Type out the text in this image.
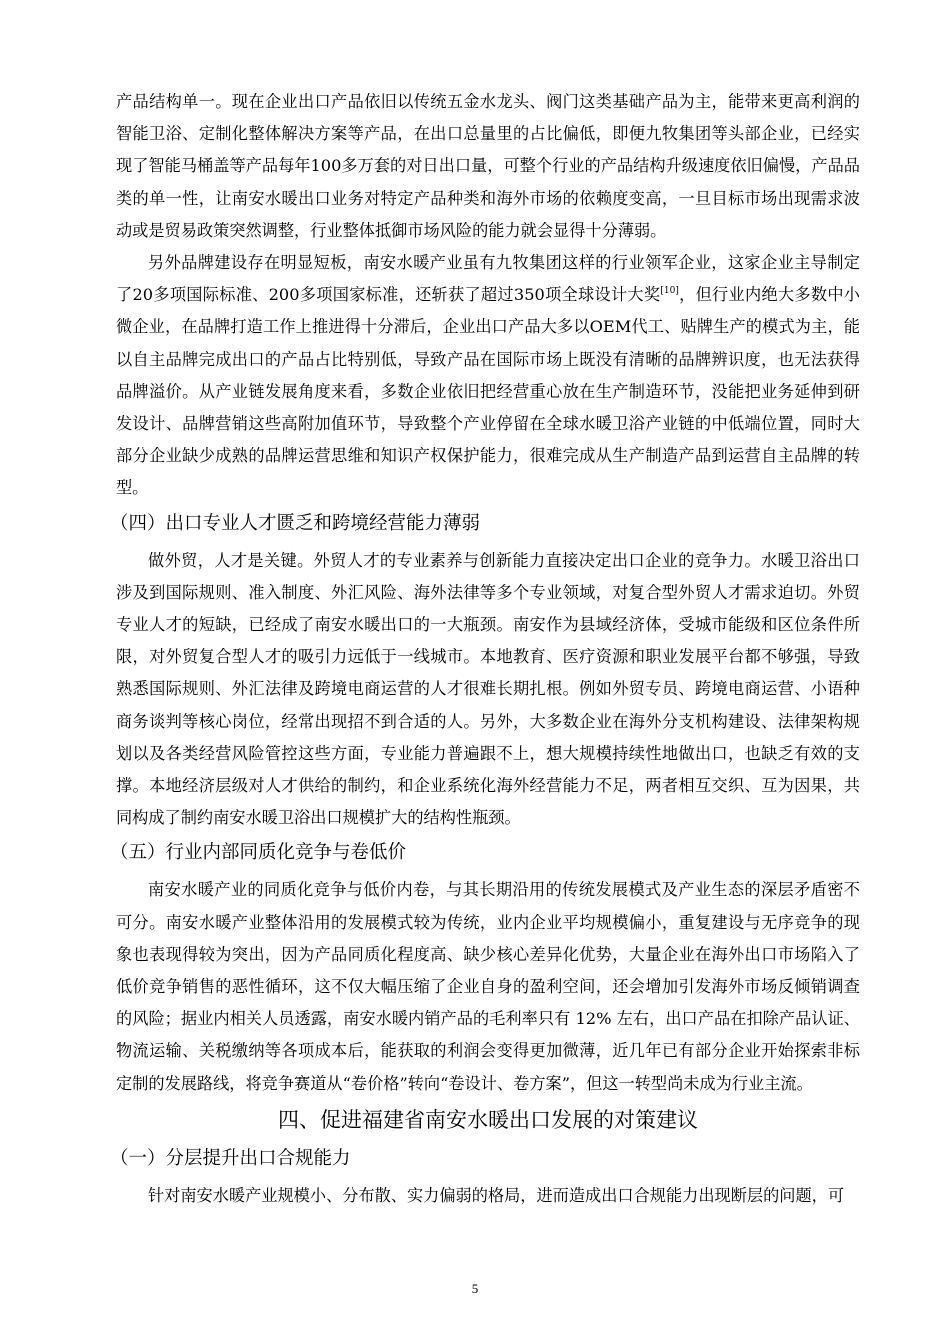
产品结构单一。现在企业出口产品依旧以传统五金水龙头、阀门这类基础产品为主，能带来更高利润的智能卫浴、定制化整体解决方案等产品，在出口总量里的占比偏低，即便九牧集团等头部企业，已经实现了智能马桶盖等产品每年100多万套的对日出口量，可整个行业的产品结构升级速度依旧偏慢，产品品类的单一性，让南安水暖出口业务对特定产品种类和海外市场的依赖度变高，一旦目标市场出现需求波动或是贸易政策突然调整，行业整体抵御市场风险的能力就会显得十分薄弱。

另外品牌建设存在明显短板，南安水暖产业虽有九牧集团这样的行业领军企业，这家企业主导制定了20多项国际标准、200多项国家标准，还斩获了超过350项全球设计大奖[10]，但行业内绝大多数中小微企业，在品牌打造工作上推进得十分滞后，企业出口产品大多以OEM代工、贴牌生产的模式为主，能以自主品牌完成出口的产品占比特别低，导致产品在国际市场上既没有清晰的品牌辨识度，也无法获得品牌溢价。从产业链发展角度来看，多数企业依旧把经营重心放在生产制造环节，没能把业务延伸到研发设计、品牌营销这些高附加值环节，导致整个产业停留在全球水暖卫浴产业链的中低端位置，同时大部分企业缺少成熟的品牌运营思维和知识产权保护能力，很难完成从生产制造产品到运营自主品牌的转型。

（四）出口专业人才匮乏和跨境经营能力薄弱

做外贸，人才是关键。外贸人才的专业素养与创新能力直接决定出口企业的竞争力。水暖卫浴出口涉及到国际规则、准入制度、外汇风险、海外法律等多个专业领域，对复合型外贸人才需求迫切。外贸专业人才的短缺，已经成了南安水暖出口的一大瓶颈。南安作为县域经济体，受城市能级和区位条件所限，对外贸复合型人才的吸引力远低于一线城市。本地教育、医疗资源和职业发展平台都不够强，导致熟悉国际规则、外汇法律及跨境电商运营的人才很难长期扎根。例如外贸专员、跨境电商运营、小语种商务谈判等核心岗位，经常出现招不到合适的人。另外，大多数企业在海外分支机构建设、法律架构规划以及各类经营风险管控这些方面，专业能力普遍跟不上，想大规模持续性地做出口，也缺乏有效的支撑。本地经济层级对人才供给的制约，和企业系统化海外经营能力不足，两者相互交织、互为因果，共同构成了制约南安水暖卫浴出口规模扩大的结构性瓶颈。

（五）行业内部同质化竞争与卷低价

南安水暖产业的同质化竞争与低价内卷，与其长期沿用的传统发展模式及产业生态的深层矛盾密不可分。南安水暖产业整体沿用的发展模式较为传统，业内企业平均规模偏小，重复建设与无序竞争的现象也表现得较为突出，因为产品同质化程度高、缺少核心差异化优势，大量企业在海外出口市场陷入了低价竞争销售的恶性循环，这不仅大幅压缩了企业自身的盈利空间，还会增加引发海外市场反倾销调查的风险；据业内相关人员透露，南安水暖内销产品的毛利率只有 12% 左右，出口产品在扣除产品认证、物流运输、关税缴纳等各项成本后，能获取的利润会变得更加微薄，近几年已有部分企业开始探索非标定制的发展路线，将竞争赛道从“卷价格”转向“卷设计、卷方案”，但这一转型尚未成为行业主流。

四、促进福建省南安水暖出口发展的对策建议
（一）分层提升出口合规能力

针对南安水暖产业规模小、分布散、实力偏弱的格局，进而造成出口合规能力出现断层的问题，可

5
